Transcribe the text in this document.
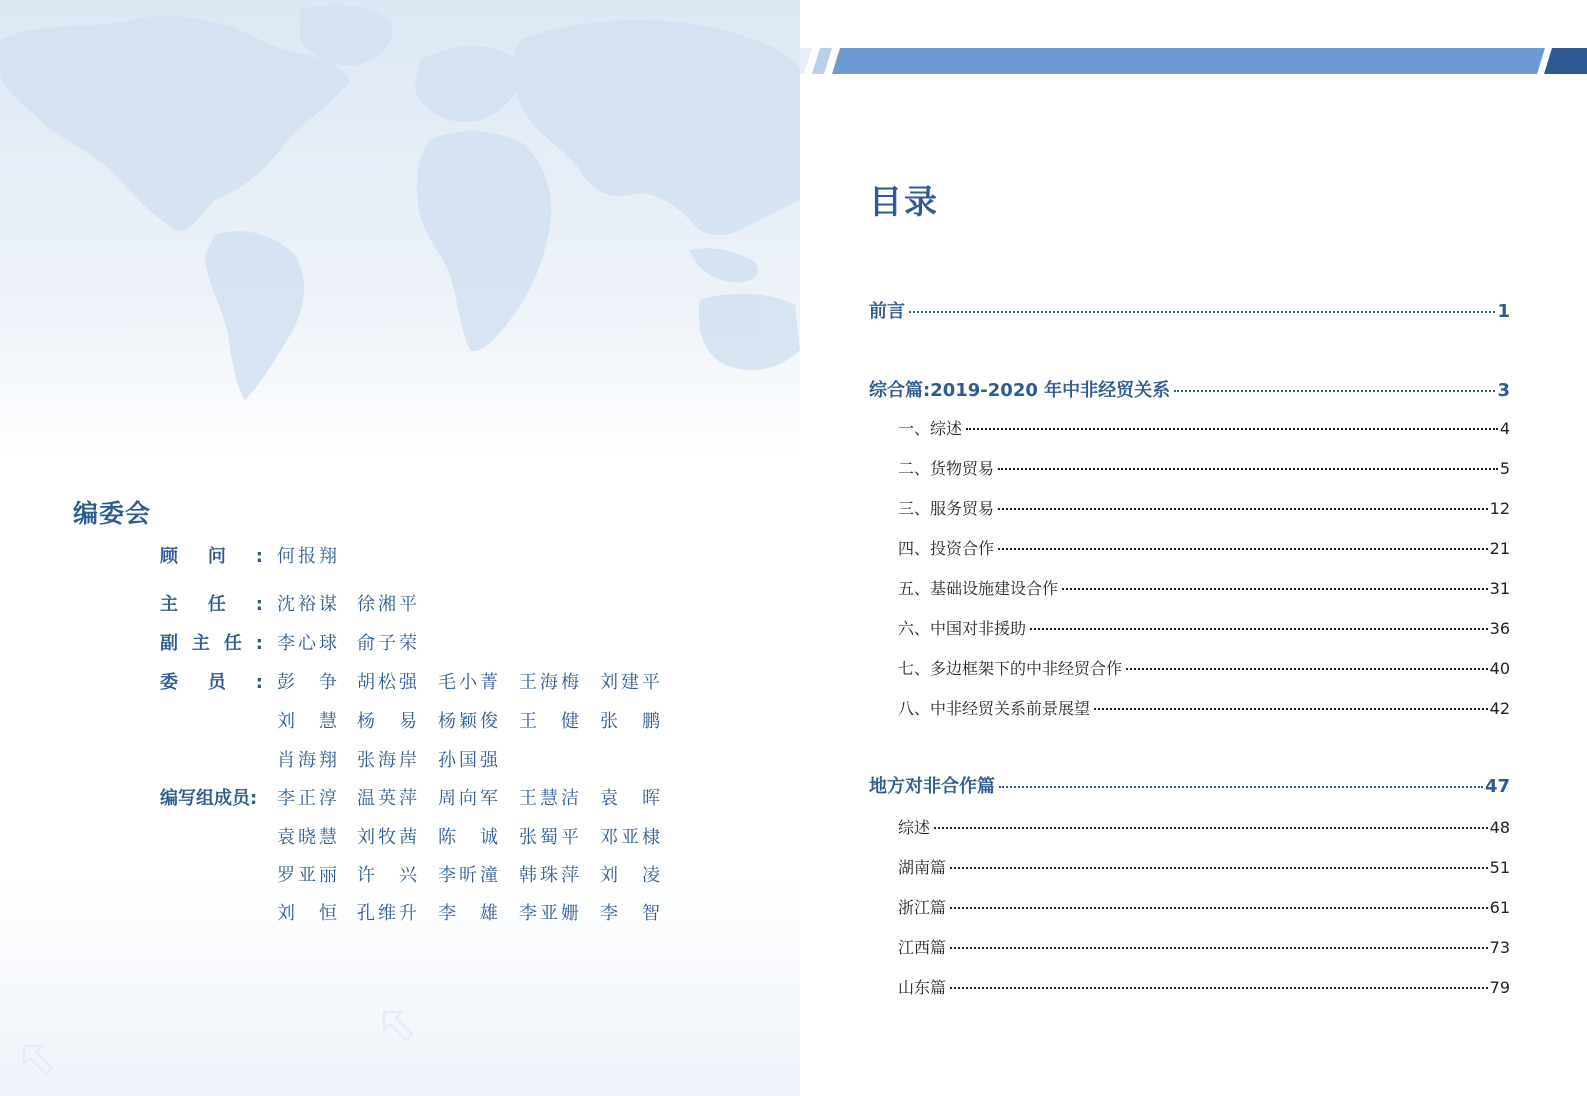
编委会
顾问: 何报翔
主任: 沈裕谋 徐湘平
副主任: 李心球 俞子荣
委员: 彭争 胡松强 毛小菁 王海梅 刘建平
刘慧 杨易 杨颖俊 王健 张鹏
肖海翔 张海岸 孙国强
编写组成员:	李正淳 温英萍 周向军 王慧洁 袁晖
袁晓慧 刘牧茜 陈诚 张蜀平 邓亚棣
罗亚丽 许兴 李昕潼 韩珠萍 刘凌
刘恒 孔维升 李雄 李亚姗 李智
目录
前言	1
综合篇:2019-2020 年中非经贸关系	3
一、综述	4
二、货物贸易	5
三、服务贸易	12
四、投资合作	21
五、基础设施建设合作	31
六、中国对非援助	36
七、多边框架下的中非经贸合作	40
八、中非经贸关系前景展望	42
地方对非合作篇	47
综述	48
湖南篇	51
浙江篇	61
江西篇	73
山东篇	79
